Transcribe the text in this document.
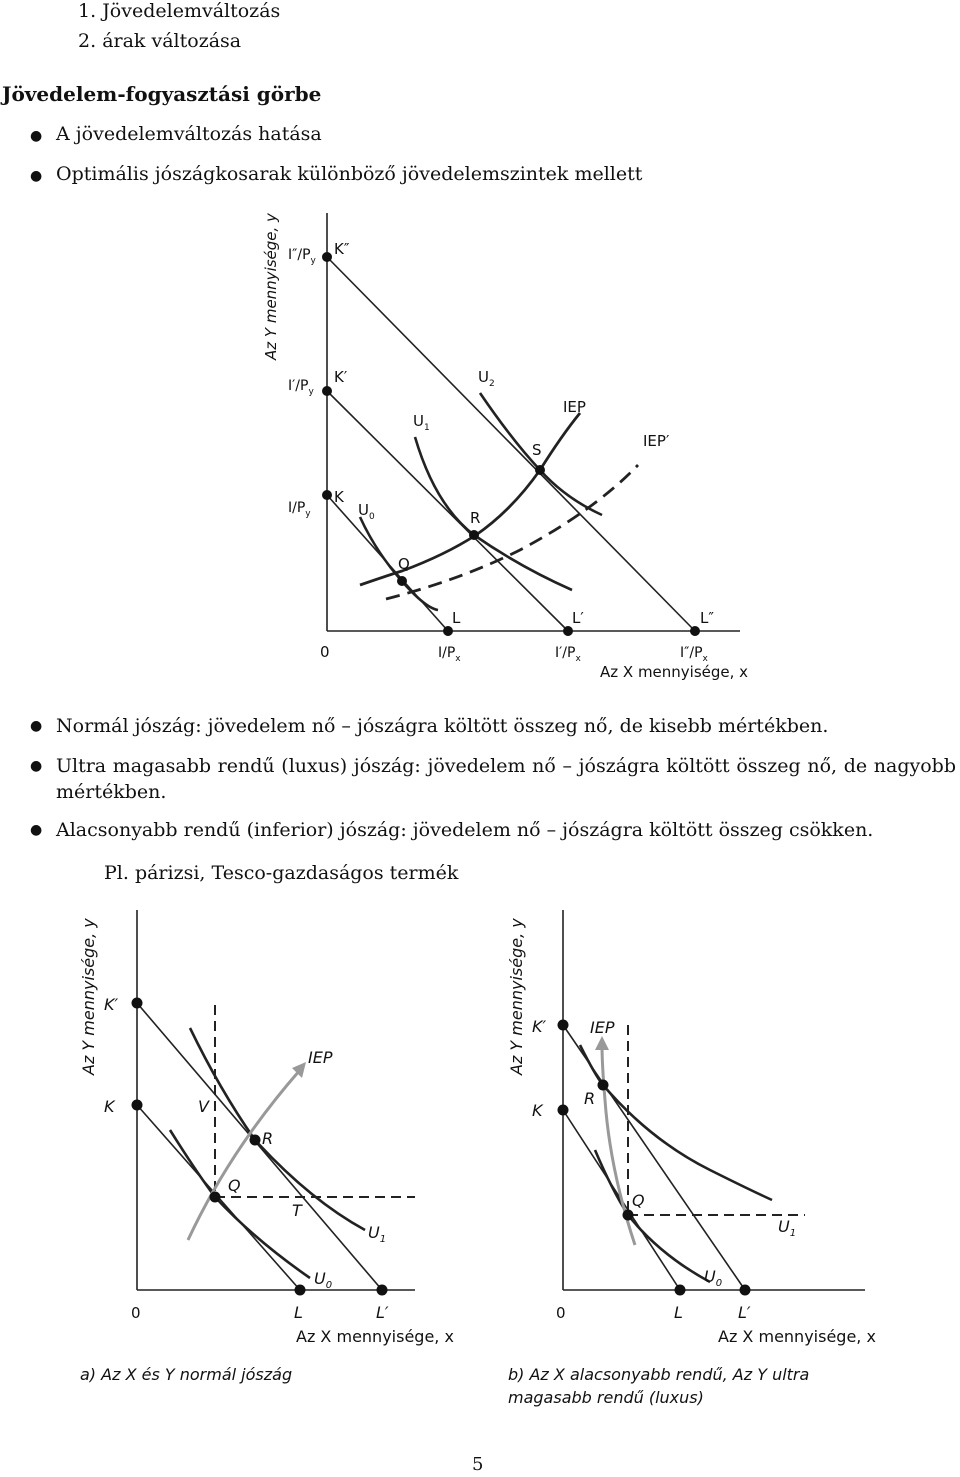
1. Jövedelemváltozás
2. árak változása
Jövedelem-fogyasztási görbe
● A jövedelemváltozás hatása
● Optimális jószágkosarak különböző jövedelemszintek mellett
Az Y mennyisége, y
Az X mennyisége, x
0
$I/P_y$
$I'/P_y$
$I''/P_y$
$I/P_x$	$I'/P_x$	$I''/P_x$
K
K′
K″
L	L′	L″
Q
R
S
$U_0$
$U_1$
$U_2$
IEP
IEP′
● Normál jószág: jövedelem nő – jószágra költött összeg nő, de kisebb mértékben.
● Ultra magasabb rendű (luxus) jószág: jövedelem nő – jószágra költött összeg nő, de nagyobb mértékben.
● Alacsonyabb rendű (inferior) jószág: jövedelem nő – jószágra költött összeg csökken.
Pl. párizsi, Tesco-gazdaságos termék
Az Y mennyisége, y
Az X mennyisége, x
0
K′
K	V
R
Q
T
IEP
$U_1$
$U_0$
L	L′
a) Az X és Y normál jószág
Az Y mennyisége, y
Az X mennyisége, x
0
K′
K
R
Q
IEP
$U_1$
$U_0$
L	L′
b) Az X alacsonyabb rendű, Az Y ultra
magasabb rendű (luxus)
5
